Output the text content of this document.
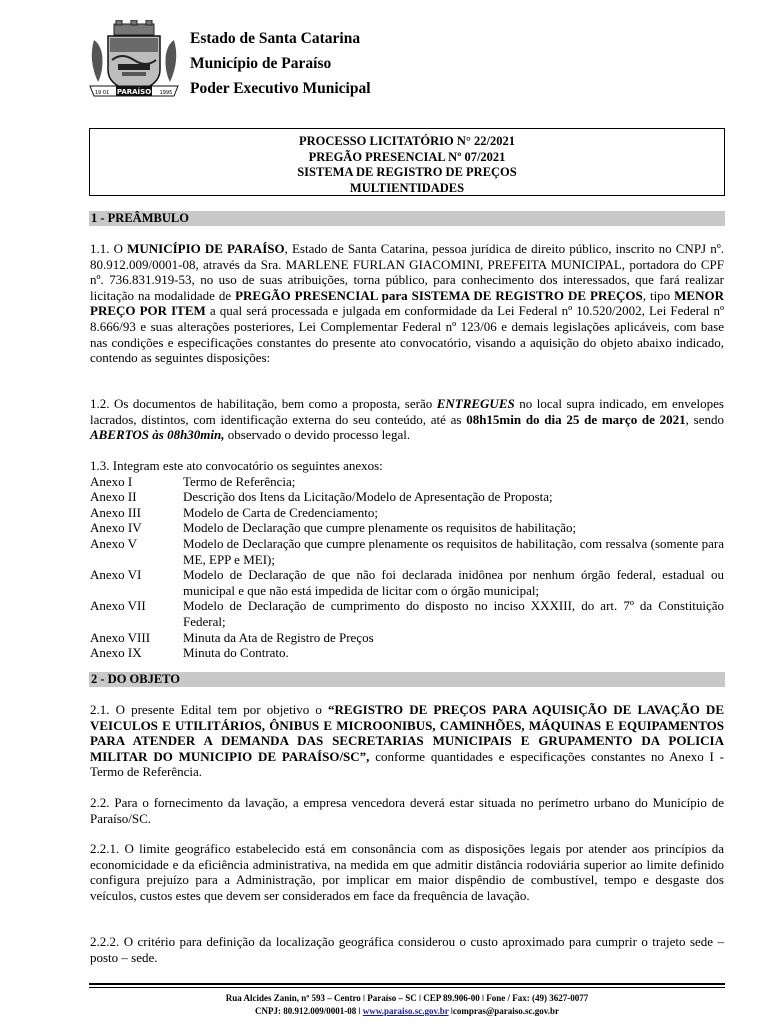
PARAÍSO
19 01	1995
Estado de Santa Catarina
Município de Paraíso
Poder Executivo Municipal
PROCESSO LICITATÓRIO N° 22/2021
PREGÃO PRESENCIAL Nº 07/2021
SISTEMA DE REGISTRO DE PREÇOS
MULTIENTIDADES
1 - PREÂMBULO
1.1. O MUNICÍPIO DE PARAÍSO, Estado de Santa Catarina, pessoa jurídica de direito público, inscrito no CNPJ nº. 80.912.009/0001-08, através da Sra. MARLENE FURLAN GIACOMINI, PREFEITA MUNICIPAL, portadora do CPF nº. 736.831.919-53, no uso de suas atribuições, torna público, para conhecimento dos interessados, que fará realizar licitação na modalidade de PREGÃO PRESENCIAL para SISTEMA DE REGISTRO DE PREÇOS, tipo MENOR PREÇO POR ITEM a qual será processada e julgada em conformidade da Lei Federal nº 10.520/2002, Lei Federal nº 8.666/93 e suas alterações posteriores, Lei Complementar Federal nº 123/06 e demais legislações aplicáveis, com base nas condições e especificações constantes do presente ato convocatório, visando a aquisição do objeto abaixo indicado, contendo as seguintes disposições:
1.2. Os documentos de habilitação, bem como a proposta, serão ENTREGUES no local supra indicado, em envelopes lacrados, distintos, com identificação externa do seu conteúdo, até as 08h15min do dia 25 de março de 2021, sendo ABERTOS às 08h30min, observado o devido processo legal.
1.3. Integram este ato convocatório os seguintes anexos:
Anexo I	Termo de Referência;
Anexo II	Descrição dos Itens da Licitação/Modelo de Apresentação de Proposta;
Anexo III	Modelo de Carta de Credenciamento;
Anexo IV	Modelo de Declaração que cumpre plenamente os requisitos de habilitação;
Anexo V	Modelo de Declaração que cumpre plenamente os requisitos de habilitação, com ressalva (somente para ME, EPP e MEI);
Anexo VI	Modelo de Declaração de que não foi declarada inidônea por nenhum órgão federal, estadual ou municipal e que não está impedida de licitar com o órgão municipal;
Anexo VII	Modelo de Declaração de cumprimento do disposto no inciso XXXIII, do art. 7º da Constituição Federal;
Anexo VIII	Minuta da Ata de Registro de Preços
Anexo IX	Minuta do Contrato.
2 - DO OBJETO
2.1. O presente Edital tem por objetivo o “REGISTRO DE PREÇOS PARA AQUISIÇÃO DE LAVAÇÃO DE VEICULOS E UTILITÁRIOS, ÔNIBUS E MICROONIBUS, CAMINHÕES, MÁQUINAS E EQUIPAMENTOS PARA ATENDER A DEMANDA DAS SECRETARIAS MUNICIPAIS E GRUPAMENTO DA POLICIA MILITAR DO MUNICIPIO DE PARAÍSO/SC”, conforme quantidades e especificações constantes no Anexo I - Termo de Referência.
2.2. Para o fornecimento da lavação, a empresa vencedora deverá estar situada no perímetro urbano do Município de Paraíso/SC.
2.2.1. O limite geográfico estabelecido está em consonância com as disposições legais por atender aos princípios da economicidade e da eficiência administrativa, na medida em que admitir distância rodoviária superior ao limite definido configura prejuízo para a Administração, por implicar em maior dispêndio de combustível, tempo e desgaste dos veículos, custos estes que devem ser considerados em face da frequência de lavação.
2.2.2. O critério para definição da localização geográfica considerou o custo aproximado para cumprir o trajeto sede – posto – sede.
Rua Alcides Zanin, nº 593 – Centro ǀ Paraíso – SC ǀ CEP 89.906-00 ǀ Fone / Fax: (49) 3627-0077
CNPJ: 80.912.009/0001-08 ǀ www.paraiso.sc.gov.br ǀcompras@paraiso.sc.gov.br
